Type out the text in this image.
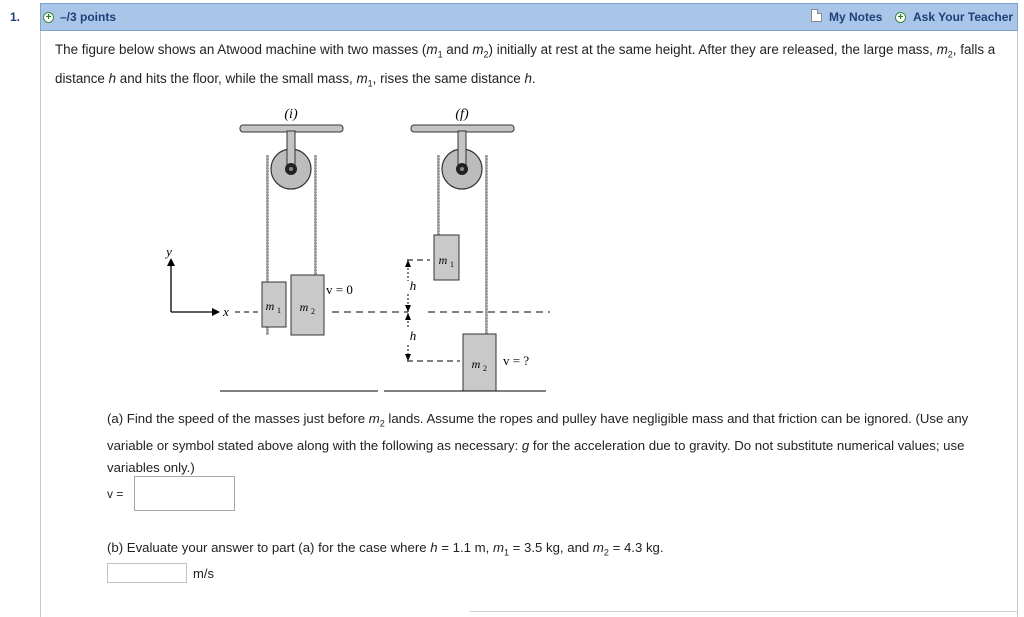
1.	+ –/3 points	My Notes + Ask Your Teacher
The figure below shows an Atwood machine with two masses ($m_1$ and $m_2$) initially at rest at the same height. After they are released, the large mass, $m_2$, falls a distance h and hits the floor, while the small mass, $m_1$, rises the same distance h.
(i)	(f)
y
x	m 1 m 2
v = 0
m 1
m 2
v = ?
h
h
(a) Find the speed of the masses just before $m_2$ lands. Assume the ropes and pulley have negligible mass and that friction can be ignored. (Use any variable or symbol stated above along with the following as necessary: g for the acceleration due to gravity. Do not substitute numerical values; use variables only.)
v =
(b) Evaluate your answer to part (a) for the case where h = 1.1 m, $m_1 = 3.5$ kg, and $m_2 = 4.3$ kg.
m/s
